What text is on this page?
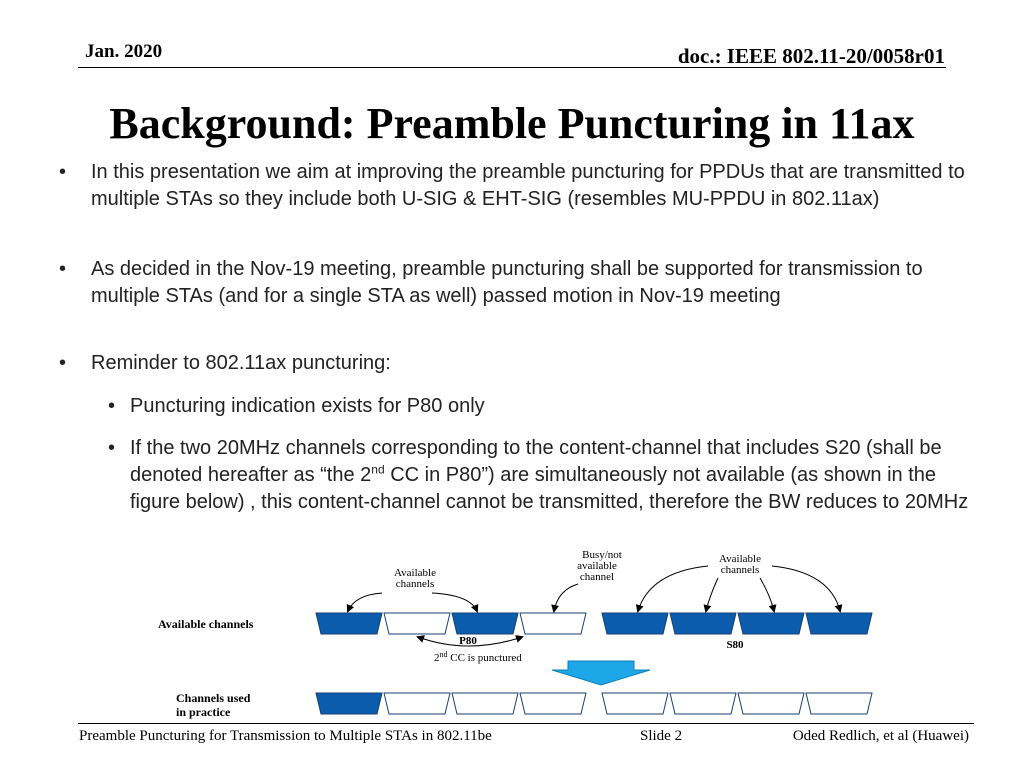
Jan. 2020	doc.: IEEE 802.11-20/0058r01
Background: Preamble Puncturing in 11ax
• In this presentation we aim at improving the preamble puncturing for PPDUs that are transmitted to multiple STAs so they include both U-SIG & EHT-SIG (resembles MU-PPDU in 802.11ax)
• As decided in the Nov-19 meeting, preamble puncturing shall be supported for transmission to multiple STAs (and for a single STA as well) passed motion in Nov-19 meeting
• Reminder to 802.11ax puncturing:
• Puncturing indication exists for P80 only
• If the two 20MHz channels corresponding to the content-channel that includes S20 (shall be denoted hereafter as “the 2nd CC in P80”) are simultaneously not available (as shown in the figure below) , this content-channel cannot be transmitted, therefore the BW reduces to 20MHz
Available channels
Channels used
in practice
Available
channels
Busy/not
available
channel
Available
channels
P80	S80
2nd CC is punctured
Preamble Puncturing for Transmission to Multiple STAs in 802.11be	Slide 2	Oded Redlich, et al (Huawei)
